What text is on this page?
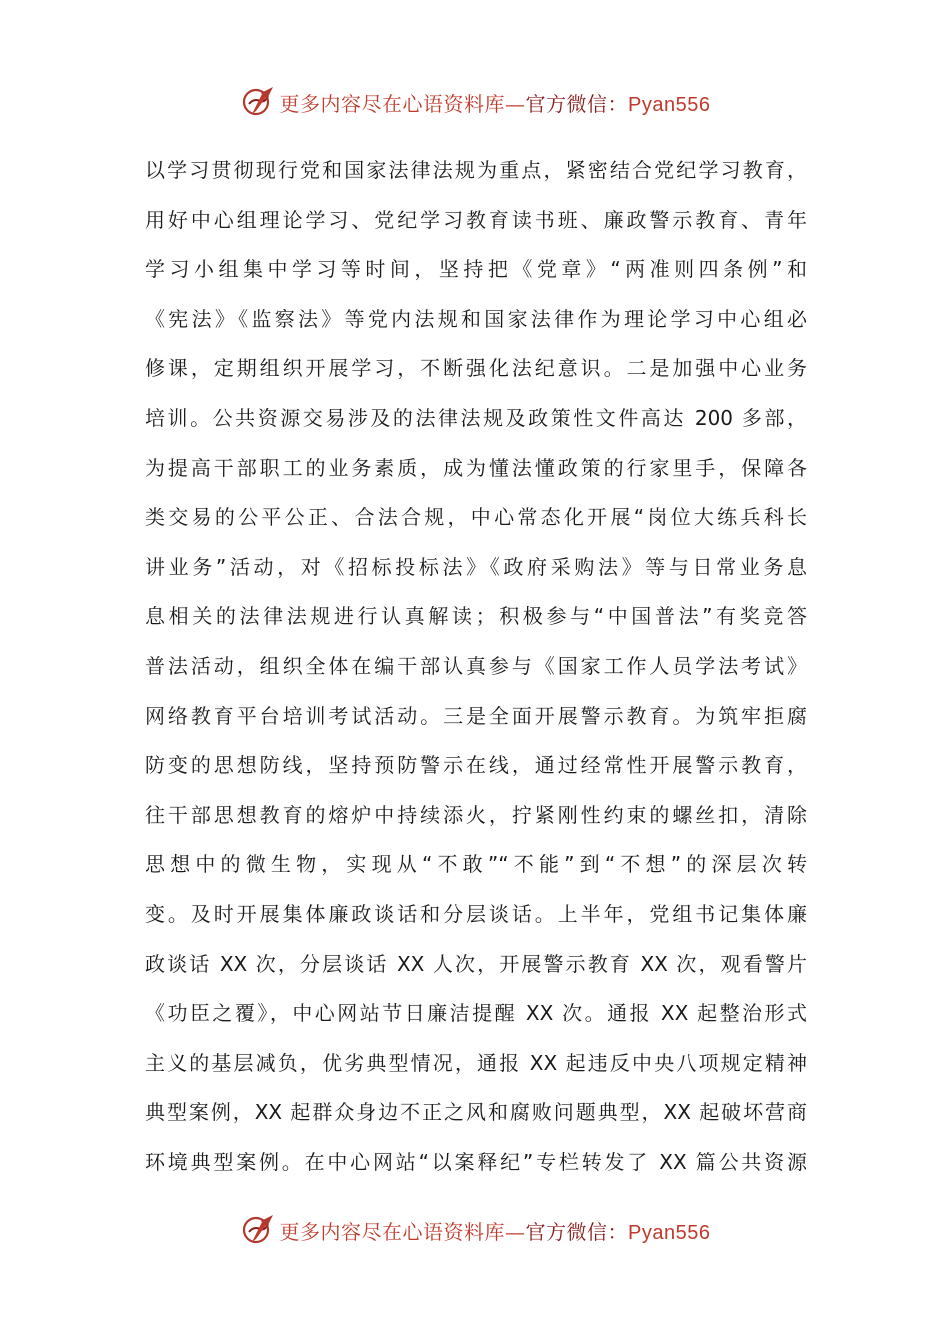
更多内容尽在心语资料库—官方微信：Pyan556
以学习贯彻现行党和国家法律法规为重点，紧密结合党纪学习教育，
用好中心组理论学习、党纪学习教育读书班、廉政警示教育、青年
学习小组集中学习等时间，坚持把《党章》“两准则四条例”和
《宪法》《监察法》等党内法规和国家法律作为理论学习中心组必
修课，定期组织开展学习，不断强化法纪意识。二是加强中心业务
培训。公共资源交易涉及的法律法规及政策性文件高达 200 多部，
为提高干部职工的业务素质，成为懂法懂政策的行家里手，保障各
类交易的公平公正、合法合规，中心常态化开展“岗位大练兵科长
讲业务”活动，对《招标投标法》《政府采购法》等与日常业务息
息相关的法律法规进行认真解读；积极参与“中国普法”有奖竞答
普法活动，组织全体在编干部认真参与《国家工作人员学法考试》
网络教育平台培训考试活动。三是全面开展警示教育。为筑牢拒腐
防变的思想防线，坚持预防警示在线，通过经常性开展警示教育，
往干部思想教育的熔炉中持续添火，拧紧刚性约束的螺丝扣，清除
思想中的微生物，实现从“不敢”“不能”到“不想”的深层次转
变。及时开展集体廉政谈话和分层谈话。上半年，党组书记集体廉
政谈话 XX 次，分层谈话 XX 人次，开展警示教育 XX 次，观看警片
《功臣之覆》，中心网站节日廉洁提醒 XX 次。通报 XX 起整治形式
主义的基层减负，优劣典型情况，通报 XX 起违反中央八项规定精神
典型案例，XX 起群众身边不正之风和腐败问题典型，XX 起破坏营商
环境典型案例。在中心网站“以案释纪”专栏转发了 XX 篇公共资源
更多内容尽在心语资料库—官方微信：Pyan556
